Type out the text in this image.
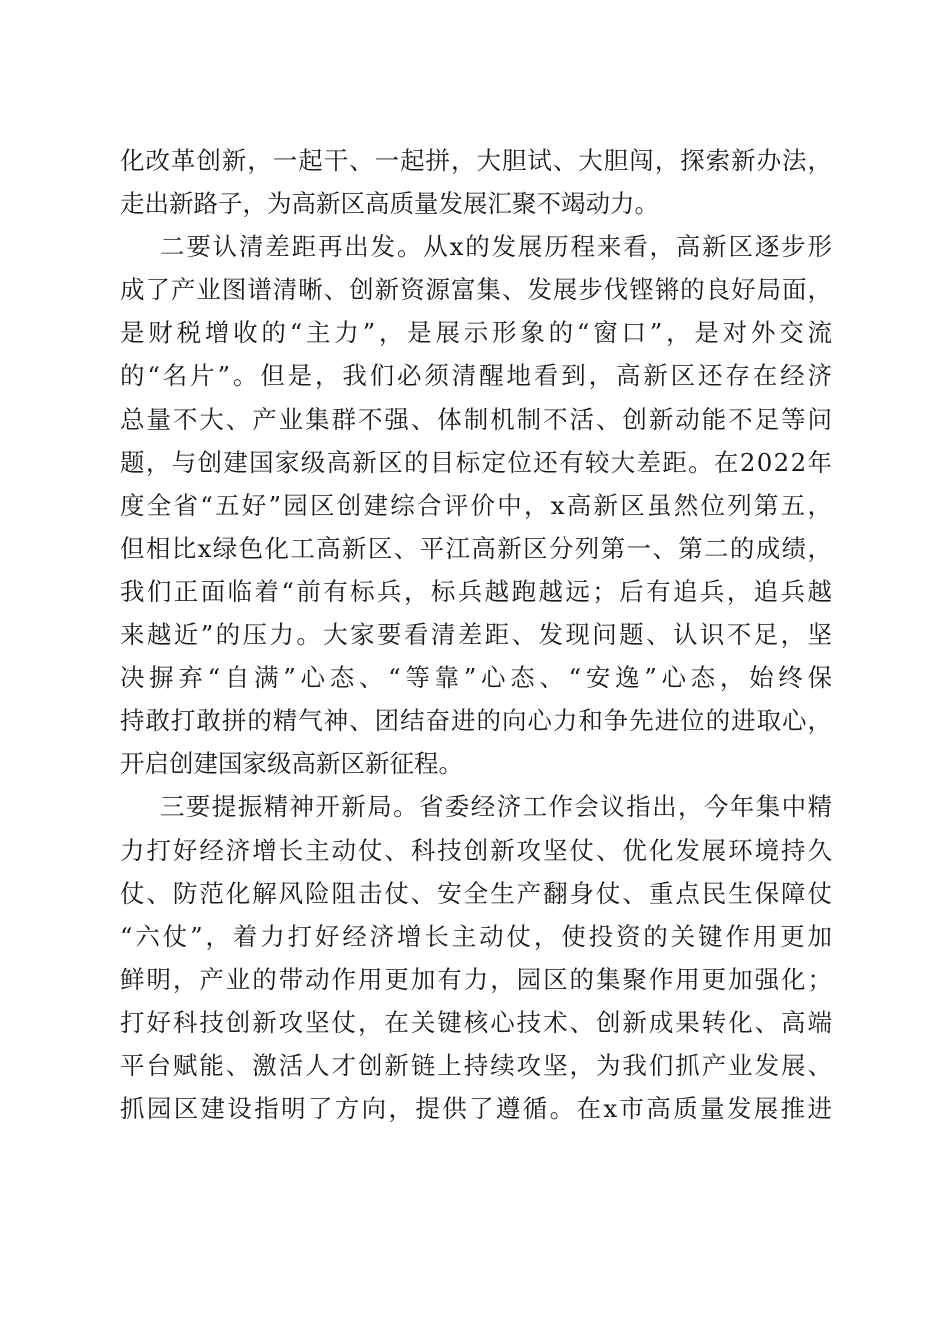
化改革创新，一起干、一起拼，大胆试、大胆闯，探索新办法，
走出新路子，为高新区高质量发展汇聚不竭动力。
二要认清差距再出发。从x的发展历程来看，高新区逐步形
成了产业图谱清晰、创新资源富集、发展步伐铿锵的良好局面，
是财税增收的“主力”，是展示形象的“窗口”，是对外交流
的“名片”。但是，我们必须清醒地看到，高新区还存在经济
总量不大、产业集群不强、体制机制不活、创新动能不足等问
题，与创建国家级高新区的目标定位还有较大差距。在2022年
度全省“五好”园区创建综合评价中，x高新区虽然位列第五，
但相比x绿色化工高新区、平江高新区分列第一、第二的成绩，
我们正面临着“前有标兵，标兵越跑越远；后有追兵，追兵越
来越近”的压力。大家要看清差距、发现问题、认识不足，坚
决摒弃“自满”心态、“等靠”心态、“安逸”心态，始终保
持敢打敢拼的精气神、团结奋进的向心力和争先进位的进取心，
开启创建国家级高新区新征程。
三要提振精神开新局。省委经济工作会议指出，今年集中精
力打好经济增长主动仗、科技创新攻坚仗、优化发展环境持久
仗、防范化解风险阻击仗、安全生产翻身仗、重点民生保障仗
“六仗”，着力打好经济增长主动仗，使投资的关键作用更加
鲜明，产业的带动作用更加有力，园区的集聚作用更加强化；
打好科技创新攻坚仗，在关键核心技术、创新成果转化、高端
平台赋能、激活人才创新链上持续攻坚，为我们抓产业发展、
抓园区建设指明了方向，提供了遵循。在x市高质量发展推进
